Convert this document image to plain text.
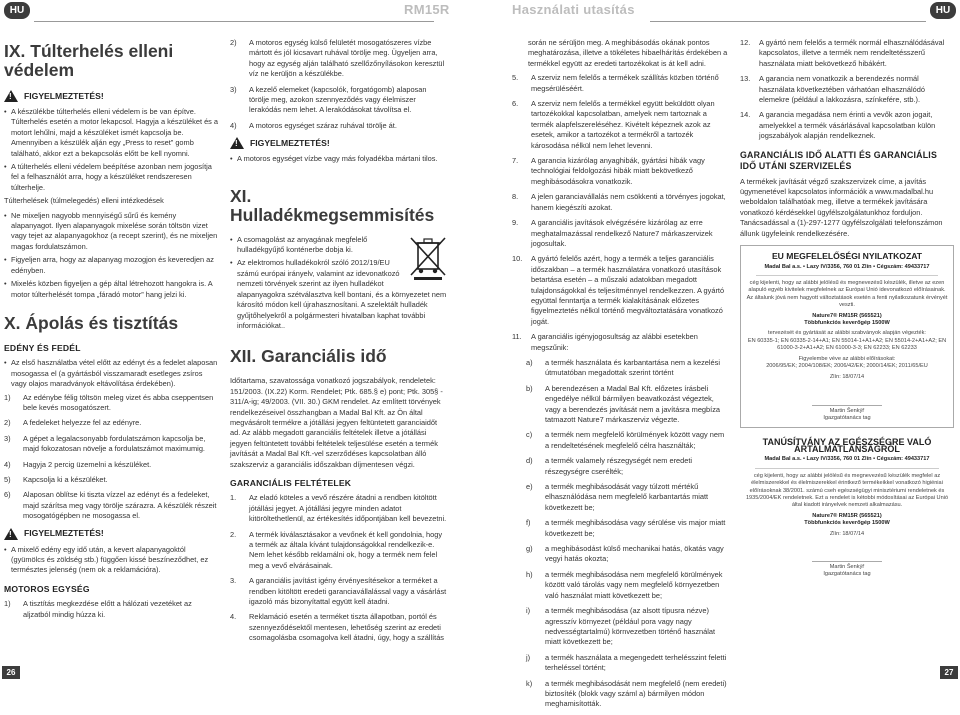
HU	RM15R	Használati utasítás	HU
IX. Túlterhelés elleni védelem
! FIGYELMEZTETÉS!
• A készülékbe túlterhelés elleni védelem is be van építve. Túlterhelés esetén a motor lekapcsol. Hagyja a készüléket és a motort lehűlni, majd a készüléket ismét kapcsolja be. Amennyiben a készülék alján egy „Press to reset” gomb található, akkor ezt a bekapcsolás előtt be kell nyomni.
• A túlterhelés elleni védelem beépítése azonban nem jogosítja fel a felhasználót arra, hogy a készüléket rendszeresen túlterhelje.

Túlterhelések (túlmelegedés) elleni intézkedések

• Ne mixeljen nagyobb mennyiségű sűrű és kemény alapanyagot. Ilyen alapanyagok mixelése során töltsön vizet vagy tejet az alapanyagokhoz (a recept szerint), és ne mixeljen magas fordulatszámon.
• Figyeljen arra, hogy az alapanyag mozogjon és keveredjen az edényben.
• Mixelés közben figyeljen a gép által létrehozott hangokra is. A motor túlterhelését tompa „fáradó motor” hang jelzi ki.
X. Ápolás és tisztítás
EDÉNY ÉS FEDÉL
• Az első használatba vétel előtt az edényt és a fedelet alaposan mosogassa el (a gyártásból visszamaradt esetleges zsíros vagy olajos maradványok eltávolítása érdekében).
1)	Az edénybe félig töltsön meleg vizet és abba cseppentsen bele kevés mosogatószert.
2)	A fedeleket helyezze fel az edényre.
3)	A gépet a legalacsonyabb fordulatszámon kapcsolja be, majd fokozatosan növelje a fordulatszámot maximumig.
4)	Hagyja 2 percig üzemelni a készüléket.
5)	Kapcsolja ki a készüléket.
6)	Alaposan öblítse ki tiszta vízzel az edényt és a fedeleket, majd szárítsa meg vagy törölje szárazra. A készülék részeit mosogatógépben ne mosogassa el.
! FIGYELMEZTETÉS!
• A mixelő edény egy idő után, a kevert alapanyagoktól (gyümölcs és zöldség stb.) függően kissé beszíneződhet, ez természtes jelenség (nem ok a reklamációra).
MOTOROS EGYSÉG
1)	A tisztítás megkezdése előtt a hálózati vezetéket az aljzatból mindig húzza ki.
2)	A motoros egység külső felületét mosogatószeres vízbe mártott és jól kicsavart ruhával törölje meg. Ügyeljen arra, hogy az egység alján található szellőzőnyílásokon keresztül víz ne kerüljön a készülékbe.
3)	A kezelő elemeket (kapcsolók, forgatógomb) alaposan törölje meg, azokon szennyeződés vagy élelmiszer lerakódás nem lehet. A lerakódásokat távolítsa el.
4)	A motoros egységet száraz ruhával törölje át.
! FIGYELMEZTETÉS!
• A motoros egységet vízbe vagy más folyadékba mártani tilos.
XI. Hulladékmegsemmisítés
• A csomagolást az anyagának megfelelő hulladékgyűjtő konténerbe dobja ki.
• Az elektromos hulladékokról szóló 2012/19/EU számú európai irányelv, valamint az idevonatkozó nemzeti törvények szerint az ilyen hulladékot alapanyagokra szétválasztva kell bontani, és a környezetet nem károsító módon kell újrahasznosítani. A szelektált hulladék gyűjtőhelyekről a polgármesteri hivatalban kaphat további információkat..
XII. Garanciális idő

Időtartama, szavatossága vonatkozó jogszabályok, rendeletek: 151/2003. (IX.22) Korm. Rendelet; Ptk. 685.§ e) pont; Ptk. 305§ - 311/A-ig; 49/2003. (VII. 30.) GKM rendelet. Az említett törvények rendelkezéseivel összhangban a Madal Bal Kft. az Ön által megvásárolt termékre a jótállási jegyen feltüntetett garanciaidőt ad. Az alább megadott garanciális feltételek illetve a jótállási jegyen feltüntetett további feltételek teljesülése esetén a termék javítását a Madal Bal Kft.-vel szerződéses kapcsolatban álló szakszerviz a garanciális időszakban díjmentesen végzi.

GARANCIÁLIS FELTÉTELEK
1.	Az eladó köteles a vevő részére átadni a rendben kitöltött jótállási jegyet. A jótállási jegyre minden adatot kitöröltethetlenül, az értékesítés időpontjában kell bevezetni.
2.	A termék kiválasztásakor a vevőnek ét kell gondolnia, hogy a termék az általa kívánt tulajdonságokkal rendelkezik-e. Nem lehet később reklamálni ok, hogy a termék nem felel meg a vevő elvárásainak.
3.	A garanciális javítást igény érvényesítésekor a terméket a rendben kitöltött eredeti garanciavállalással vagy a vásárlást igazoló más bizonyítattal együtt kell átadni.
4.	Reklamáció esetén a terméket tiszta állapotban, portól és szennyeződésektől mentesen, lehetőség szerint az eredeti csomagolásba csomagolva kell átadni, úgy, hogy a szállítás

során ne sérüljön meg. A meghibásodás okának pontos meghatározása, illetve a tökéletes hibaelhárítás érdekében a termékkel együtt az eredeti tartozékokat is át kell adni.

5.	A szerviz nem felelős a termékek szállítás közben történő megsérüléséért.
6.	A szerviz nem felelős a termékkel együtt beküldött olyan tartozékokkal kapcsolatban, amelyek nem tartoznak a termék alapfelszereléséhez. Kivételt képeznek azok az esetek, amikor a tartozékot a termékről a tartozék károsodása nélkül nem lehet levenni.
7.	A garancia kizárólag anyaghibák, gyártási hibák vagy technológiai feldolgozási hibák miatt bekövetkező meghibásodásokra vonatkozik.
8.	A jelen garanciavállalás nem csökkenti a törvényes jogokat, hanem kiegészíti azokat.
9.	A garanciális javítások elvégzésére kizárólag az erre meghatalmazással rendelkező Nature7 márkaszervizek jogosultak.
10.	A gyártó felelős azért, hogy a termék a teljes garanciális időszakban – a termék használatára vonatkozó utasítások betartása esetén – a műszaki adatokban megadott tulajdonságokkal és teljesítménnyel rendelkezzen. A gyártó együttal fenntartja a termék kialakításának előzetes figyelmeztetés nélkül történő megváltoztatására vonatkozó jogát.
11.	A garanciális igényjogosultság az alábbi esetekben megszűnik:
a)	a termék használata és karbantartása nem a kezelési útmutatóban megadottak szerint történt
b)	A berendezésen a Madal Bal Kft. előzetes írásbeli engedélye nélkül bármilyen beavatkozást végeztek, vagy a berendezés javítását nem a javításra megbíza tatmazott Nature7 márkaszerviz végezte.
c)	a termék nem megfelelő körülmények között vagy nem a rendeltetésének megfelelő célra használták;
d)	a termék valamely részegységét nem eredeti részegységre cserélték;
e)	a termék meghibásodását vagy túlzott mértékű elhasználódása nem megfelelő karbantartás miatt következett be;
f)	a termék meghibásodása vagy sérülése vis major miatt következett be;
g)	a meghibásodást külső mechanikai hatás, ökatás vagy vegyi hatás okozta;
h)	a termék meghibásodása nem megfelelő körülmények között való tárolás vagy nem megfelelő környezetben való használat miatt következett be;
i)	a termék meghibásodása (az alsott típusra nézve) agresszív környezet (például pora vagy nagy nedvességtartalmú) körnvezetben történő használat miatt következett be;
j)	a termék használata a megengedett terhelésszint feletti terheléssel történt;
k)	a termék meghibásodását nem megfelelő (nem eredeti) biztosíték (blokk vagy száml a) bármilyen módon meghamisították.
12.	A gyártó nem felelős a termék normál elhasználódásával kapcsolatos, illetve a termék nem rendeltetésszerű használata miatt bekövetkező hibákért.
13.	A garancia nem vonatkozik a berendezés normál használata következtében várhatóan elhasználódó elemekre (például a lakkozásra, színkefére, stb.).
14.	A garancia megadása nem érinti a vevők azon jogait, amelyekkel a termék vásárlásával kapcsolatban külön jogszabályok alapján rendelkeznek.
GARANCIÁLIS IDŐ ALATTI ÉS GARANCIÁLIS IDŐ UTÁNI SZERVIZELÉS

A termékek javítását végző szakszervizek címe, a javítás ügymenetével kapcsolatos információk a www.madalbal.hu weboldalon találhatóak meg, illetve a termékek javítására vonatkozó kérdésekkel ügyfélszolgálatunkhoz forduljon. Tanácsadással a (1)-297-1277 ügyfélszolgálati telefonszámon állunk ügyfeleink rendelkezésére.

EU MEGFELELŐSÉGI NYILATKOZAT
Madal Bal a.s. • Lazy IV/3356, 760 01 Zlín • Cégszám: 49433717
cég kijelenti, hogy az alábbi jelölésű és megnevezésű készülék, illetve az ezen alapuló egyéb kivitelek megfelelnek az Európai Unió idevonatkozó előírásainak. Az általunk jóvá nem hagyott változtatások esetén a fenti nyilatkozatunk érvényét veszti.
Nature7® RM15R (565521)
Többfunkciós keverőgép 1500W
tervezését és gyártását az alábbi szabványok alapján végezték:
EN 60335-1; EN 60335-2-14+A1; EN 55014-1+A1+A2; EN 55014-2+A1+A2; EN 61000-3-2+A1+A2; EN 61000-3-3; EN 62233; EN 62233
Figyelembe véve az alábbi előírásokat:
2006/95/EK; 2004/108/EK; 2006/42/EK; 2000/14/EK; 2011/65/EU
Zlín: 18/07/14
Martin Šenkýř
Igazgatótanács tag
TANÚSÍTVÁNY AZ EGÉSZSÉGRE VALÓ ÁRTALMATLANSÁGRÓL
Madal Bal a.s. • Lazy IV/3356, 760 01 Zlín • Cégszám: 49433717
cég kijelenti, hogy az alábbi jelölésű és megnevezésű készülék megfelel az élelmiszerekkel és élelmiszerekkel érintkező termékeikkel vonatkozó higiéniai előírásoknak 38/2001. számú cseh egészségügyi minisztériumi rendeletnek és 1935/2004/EK rendeletnek. Ezt a rendelet is kétobbi módosításai az Európai Unió által kiadott irányelvek nemzeti alkalmazásu.
Nature7® RM15R (565521)
Többfunkciós keverőgép 1500W
Zlín: 18/07/14
Martin Šenkýř
Igazgatótanács tag
26	27
